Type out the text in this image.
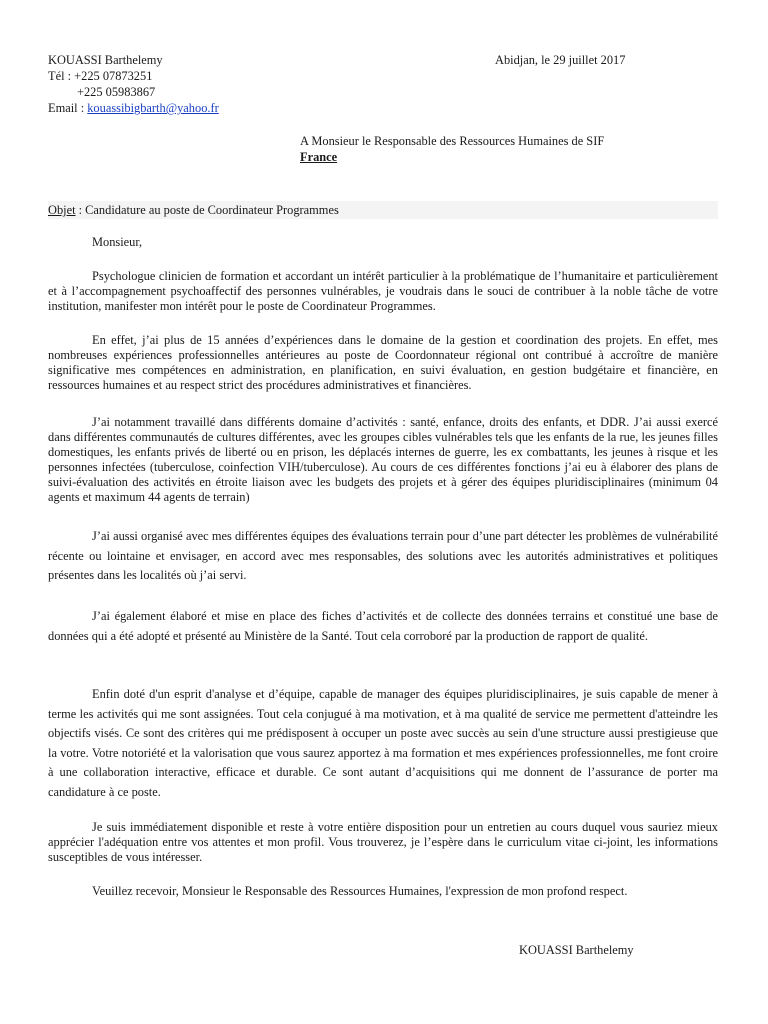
KOUASSI Barthelemy
Tél : +225 07873251
+225 05983867
Email : kouassibigbarth@yahoo.fr
Abidjan, le 29 juillet 2017
A Monsieur le Responsable des Ressources Humaines de SIF
France
Objet : Candidature au poste de Coordinateur Programmes
Monsieur,
Psychologue clinicien de formation et accordant un intérêt particulier à la problématique de l’humanitaire et particulièrement et à l’accompagnement psychoaffectif des personnes vulnérables, je voudrais dans le souci de contribuer à la noble tâche de votre institution, manifester mon intérêt pour le poste de Coordinateur Programmes.
En effet, j’ai plus de 15 années d’expériences dans le domaine de la gestion et coordination des projets. En effet, mes nombreuses expériences professionnelles antérieures au poste de Coordonnateur régional ont contribué à accroître de manière significative mes compétences en administration, en planification, en suivi évaluation, en gestion budgétaire et financière, en ressources humaines et au respect strict des procédures administratives et financières.
J’ai notamment travaillé dans différents domaine d’activités : santé, enfance, droits des enfants, et DDR. J’ai aussi exercé dans différentes communautés de cultures différentes, avec les groupes cibles vulnérables tels que les enfants de la rue, les jeunes filles domestiques, les enfants privés de liberté ou en prison, les déplacés internes de guerre, les ex combattants, les jeunes à risque et les personnes infectées (tuberculose, coinfection VIH/tuberculose). Au cours de ces différentes fonctions j’ai eu à élaborer des plans de suivi-évaluation des activités en étroite liaison avec les budgets des projets et à gérer des équipes pluridisciplinaires (minimum 04 agents et maximum 44 agents de terrain)
J’ai aussi organisé avec mes différentes équipes des évaluations terrain pour d’une part détecter les problèmes de vulnérabilité récente ou lointaine et envisager, en accord avec mes responsables, des solutions avec les autorités administratives et politiques présentes dans les localités où j’ai servi.
J’ai également élaboré et mise en place des fiches d’activités et de collecte des données terrains et constitué une base de données qui a été adopté et présenté au Ministère de la Santé. Tout cela corroboré par la production de rapport de qualité.
Enfin doté d'un esprit d'analyse et d’équipe, capable de manager des équipes pluridisciplinaires, je suis capable de mener à terme les activités qui me sont assignées. Tout cela conjugué à ma motivation, et à ma qualité de service me permettent d'atteindre les objectifs visés. Ce sont des critères qui me prédisposent à occuper un poste avec succès au sein d'une structure aussi prestigieuse que la votre. Votre notoriété et la valorisation que vous saurez apportez à ma formation et mes expériences professionnelles, me font croire à une collaboration interactive, efficace et durable. Ce sont autant d’acquisitions qui me donnent de l’assurance de porter ma candidature à ce poste.
Je suis immédiatement disponible et reste à votre entière disposition pour un entretien au cours duquel vous sauriez mieux apprécier l'adéquation entre vos attentes et mon profil. Vous trouverez, je l’espère dans le curriculum vitae ci-joint, les informations susceptibles de vous intéresser.
Veuillez recevoir, Monsieur le Responsable des Ressources Humaines, l'expression de mon profond respect.
KOUASSI Barthelemy
